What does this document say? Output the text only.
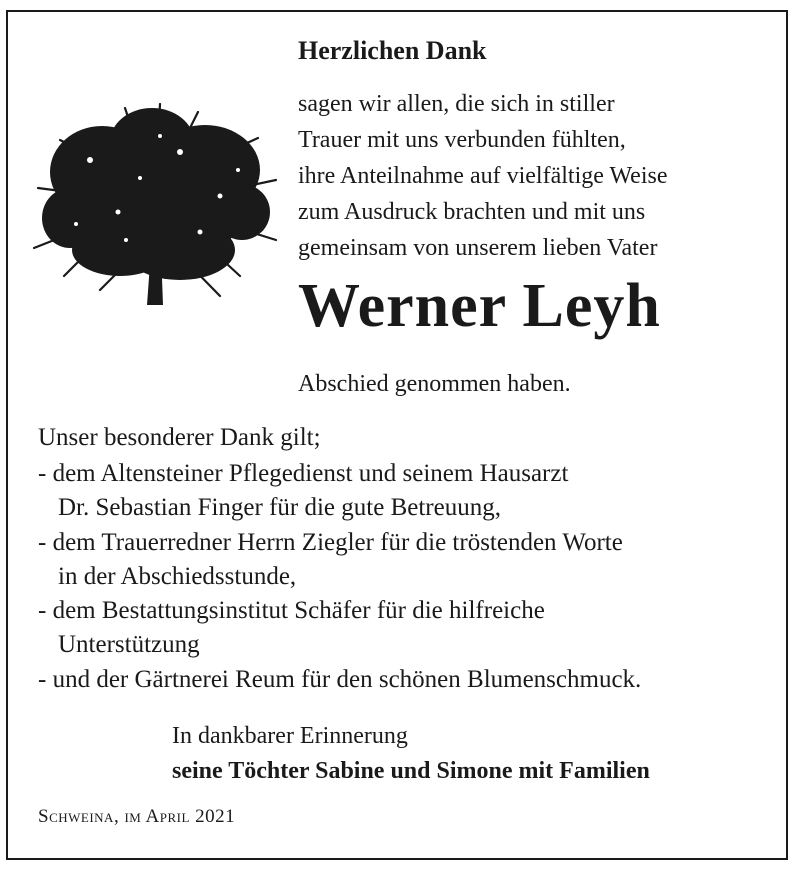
Herzlichen Dank
sagen wir allen, die sich in stiller
Trauer mit uns verbunden fühlten,
ihre Anteilnahme auf vielfältige Weise
zum Ausdruck brachten und mit uns
gemeinsam von unserem lieben Vater
Werner Leyh

Abschied genommen haben.

Unser besonderer Dank gilt;

- dem Altensteiner Pflegedienst und seinem Hausarzt
Dr. Sebastian Finger für die gute Betreuung,
- dem Trauerredner Herrn Ziegler für die tröstenden Worte
in der Abschiedsstunde,
- dem Bestattungsinstitut Schäfer für die hilfreiche
Unterstützung
- und der Gärtnerei Reum für den schönen Blumenschmuck.

In dankbarer Erinnerung

seine Töchter Sabine und Simone mit Familien

Schweina, im April 2021
